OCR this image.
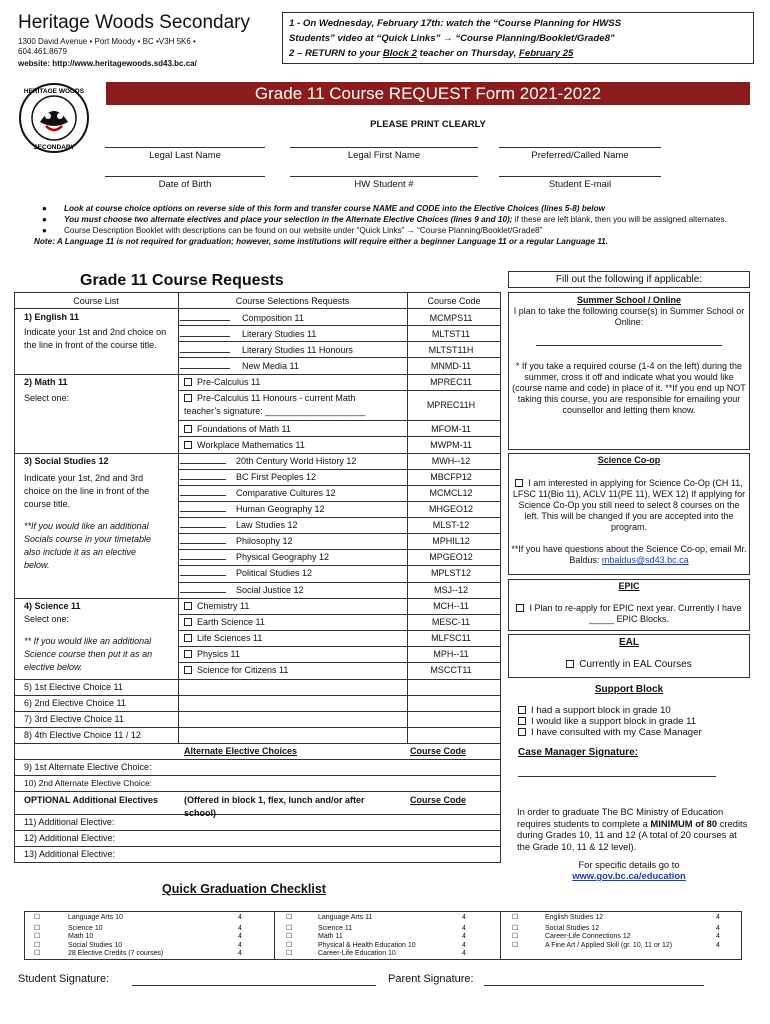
Heritage Woods Secondary
1300 David Avenue • Port Moody • BC •V3H 5K6 •
604.461.8679
website: http://www.heritagewoods.sd43.bc.ca/
1 - On Wednesday, February 17th: watch the “Course Planning for HWSS
Students” video at “Quick Links” → “Course Planning/Booklet/Grade8”
2 – RETURN to your Block 2 teacher on Thursday, February 25
HERITAGE WOODS
SECONDARY
Grade 11 Course REQUEST Form 2021-2022
PLEASE PRINT CLEARLY
Legal Last Name	Legal First Name	Preferred/Called Name
Date of Birth	HW Student #	Student E-mail
● Look at course choice options on reverse side of this form and transfer course NAME and CODE into the Elective Choices (lines 5-8) below
● You must choose two alternate electives and place your selection in the Alternate Elective Choices (lines 9 and 10); if these are left blank, then you will be assigned alternates.
● Course Description Booklet with descriptions can be found on our website under “Quick Links” → “Course Planning/Booklet/Grade8”
Note: A Language 11 is not required for graduation; however, some institutions will require either a beginner Language 11 or a regular Language 11.
Grade 11 Course Requests
Course List	Course Selections Requests	Course Code
1) English 11
Indicate your 1st and 2nd choice on the line in front of the course title.
Composition 11	MCMPS11
Literary Studies 11	MLTST11
Literary Studies 11 Honours	MLTST11H
New Media 11	MNMD-11
2) Math 11
Select one:
Pre-Calculus 11	MPREC11
Pre-Calculus 11 Honours - current Math
teacher’s signature: ____________________
MPREC11H
Foundations of Math 11	MFOM-11
Workplace Mathematics 11	MWPM-11
3) Social Studies 12
Indicate your 1st, 2nd and 3rd choice on the line in front of the course title.
**If you would like an additional Socials course in your timetable also include it as an elective below.
20th Century World History 12	MWH--12
BC First Peoples 12	MBCFP12
Comparative Cultures 12	MCMCL12
Human Geography 12	MHGEO12
Law Studies 12	MLST-12
Philosophy 12	MPHIL12
Physical Geography 12	MPGEO12
Political Studies 12	MPLST12
Social Justice 12	MSJ--12
4) Science 11
Select one:
** If you would like an additional Science course then put it as an elective below.
Chemistry 11	MCH--11
Earth Science 11	MESC-11
Life Sciences 11	MLFSC11
Physics 11	MPH--11
Science for Citizens 11	MSCCT11
5) 1st Elective Choice 11
6) 2nd Elective Choice 11
7) 3rd Elective Choice 11
8) 4th Elective Choice 11 / 12
Alternate Elective Choices	Course Code
9) 1st Alternate Elective Choice:
10) 2nd Alternate Elective Choice:
OPTIONAL Additional Electives	(Offered in block 1, flex, lunch and/or after school)
Course Code
11) Additional Elective:
12) Additional Elective:
13) Additional Elective:
Fill out the following if applicable:
Summer School / Online
I plan to take the following course(s) in Summer School or Online:
* If you take a required course (1-4 on the left) during the summer, cross it off and indicate what you would like (course name and code) in place of it. **If you end up NOT taking this course, you are responsible for emailing your counsellor and letting them know.
Science Co-op
I am interested in applying for Science Co-Op (CH 11, LFSC 11(Bio 11), ACLV 11(PE 11), WEX 12) If applying for Science Co-Op you still need to select 8 courses on the left. This will be changed if you are accepted into the program.
**If you have questions about the Science Co-op, email Mr. Baldus: mbaldus@sd43.bc.ca
EPIC
I Plan to re-apply for EPIC next year. Currently I have _____ EPIC Blocks.
EAL
Currently in EAL Courses
Support Block
I had a support block in grade 10
I would like a support block in grade 11
I have consulted with my Case Manager
Case Manager Signature:
In order to graduate The BC Ministry of Education requires students to complete a MINIMUM of 80 credits during Grades 10, 11 and 12 (A total of 20 courses at the Grade 10, 11 & 12 level).
For specific details go to
www.gov.bc.ca/education
Quick Graduation Checklist
☐	Language Arts 10	4
☐	Science 10	4
☐	Math 10	4
☐	Social Studies 10	4
☐	28 Elective Credits (7 courses)	4
☐	Language Arts 11	4
☐	Science 11	4
☐	Math 11	4
☐	Physical & Health Education 10	4
☐	Career-Life Education 10	4
☐	English Studies 12	4
☐	Social Studies 12	4
☐	Career-Life Connections 12	4
☐	A Fine Art / Applied Skill (gr. 10, 11 or 12)	4
Student Signature:	Parent Signature:
